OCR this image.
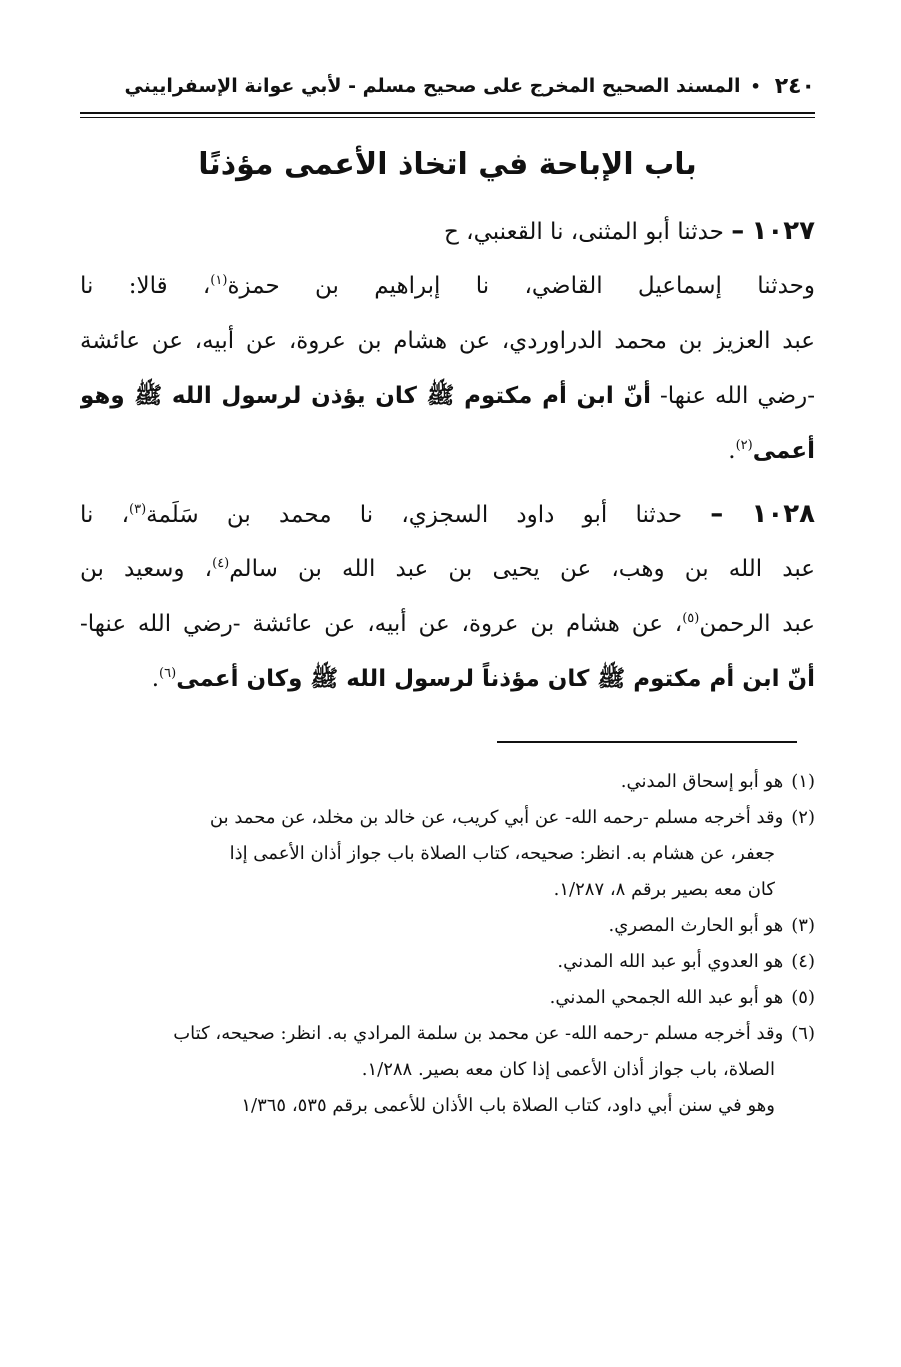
٢٤٠
•
المسند الصحيح المخرج على صحيح مسلم - لأبي عوانة الإسفراييني
باب الإباحة في اتخاذ الأعمى مؤذنًا
١٠٢٧ – حدثنا أبو المثنى، نا القعنبي، ح
وحدثنا إسماعيل القاضي، نا إبراهيم بن حمزة$^{(١)}$، قالا: نا
عبد العزيز بن محمد الدراوردي، عن هشام بن عروة، عن أبيه، عن عائشة
-رضي الله عنها- أنّ ابن أم مكتوم ﷺ كان يؤذن لرسول الله ﷺ وهو
أعمى$^{(٢)}$.
١٠٢٨ – حدثنا أبو داود السجزي، نا محمد بن سَلَمة$^{(٣)}$، نا
عبد الله بن وهب، عن يحيى بن عبد الله بن سالم$^{(٤)}$، وسعيد بن
عبد الرحمن$^{(٥)}$، عن هشام بن عروة، عن أبيه، عن عائشة -رضي الله عنها-
أنّ ابن أم مكتوم ﷺ كان مؤذناً لرسول الله ﷺ وكان أعمى$^{(٦)}$.
(١)هو أبو إسحاق المدني.
(٢)وقد أخرجه مسلم -رحمه الله- عن أبي كريب، عن خالد بن مخلد، عن محمد بن
جعفر، عن هشام به. انظر: صحيحه، كتاب الصلاة باب جواز أذان الأعمى إذا
كان معه بصير برقم ٨، ١/٢٨٧.
(٣)هو أبو الحارث المصري.
(٤)هو العدوي أبو عبد الله المدني.
(٥)هو أبو عبد الله الجمحي المدني.
(٦)وقد أخرجه مسلم -رحمه الله- عن محمد بن سلمة المرادي به. انظر: صحيحه، كتاب
الصلاة، باب جواز أذان الأعمى إذا كان معه بصير. ١/٢٨٨.
وهو في سنن أبي داود، كتاب الصلاة باب الأذان للأعمى برقم ٥٣٥، ١/٣٦٥
